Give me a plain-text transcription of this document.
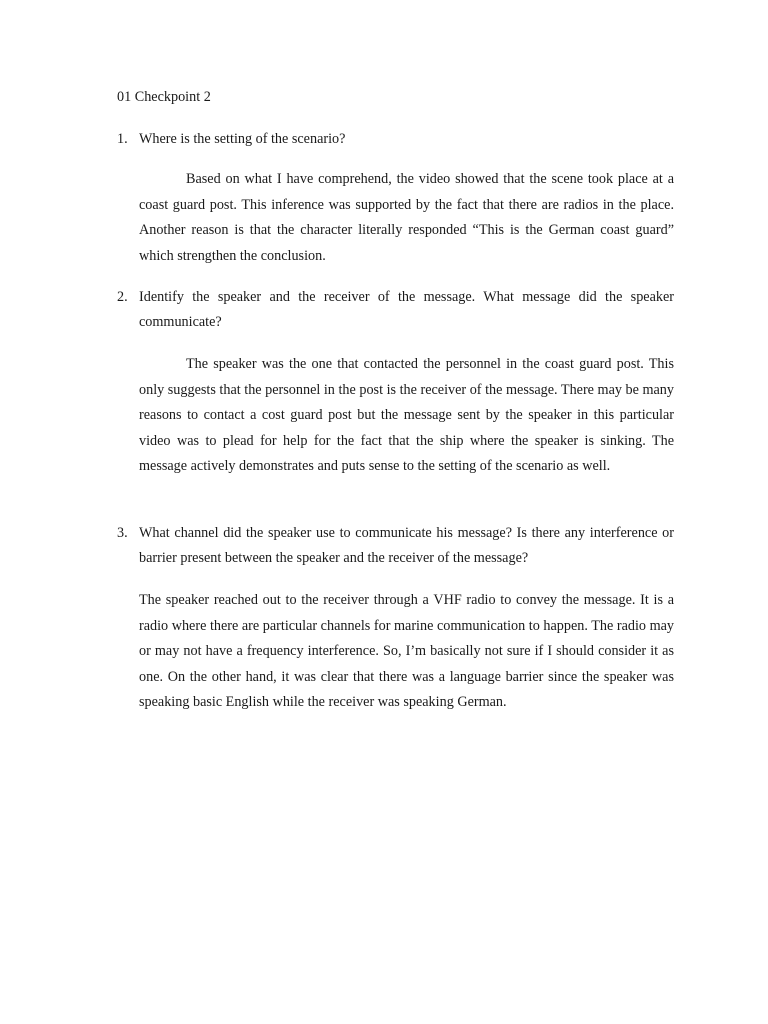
01 Checkpoint 2
1. Where is the setting of the scenario?

Based on what I have comprehend, the video showed that the scene took place at a coast guard post. This inference was supported by the fact that there are radios in the place. Another reason is that the character literally responded “This is the German coast guard” which strengthen the conclusion.

2. Identify the speaker and the receiver of the message. What message did the speaker communicate?

The speaker was the one that contacted the personnel in the coast guard post. This only suggests that the personnel in the post is the receiver of the message. There may be many reasons to contact a cost guard post but the message sent by the speaker in this particular video was to plead for help for the fact that the ship where the speaker is sinking. The message actively demonstrates and puts sense to the setting of the scenario as well.

3. What channel did the speaker use to communicate his message? Is there any interference or barrier present between the speaker and the receiver of the message?

The speaker reached out to the receiver through a VHF radio to convey the message. It is a radio where there are particular channels for marine communication to happen. The radio may or may not have a frequency interference. So, I’m basically not sure if I should consider it as one. On the other hand, it was clear that there was a language barrier since the speaker was speaking basic English while the receiver was speaking German.
